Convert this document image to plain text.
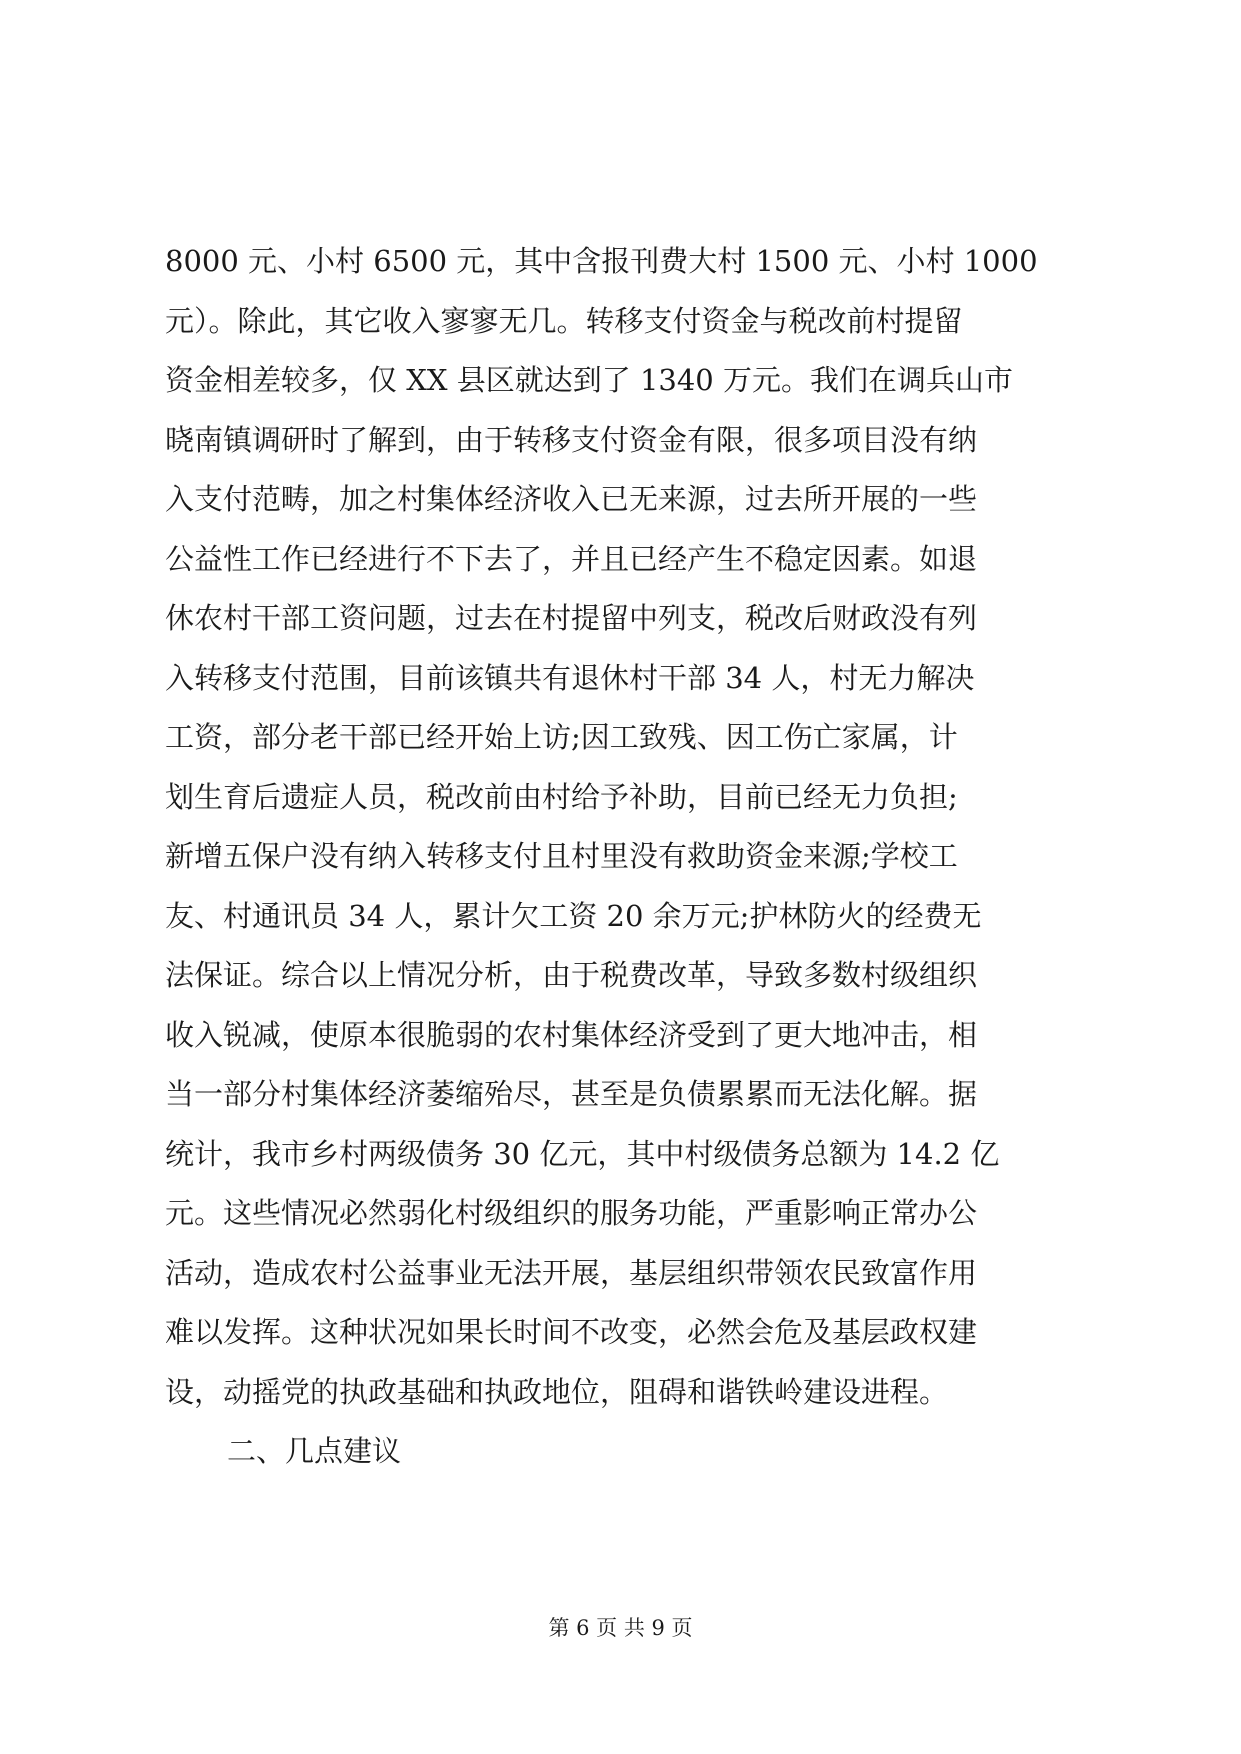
8000 元、小村 6500 元，其中含报刊费大村 1500 元、小村 1000
元）。除此，其它收入寥寥无几。转移支付资金与税改前村提留
资金相差较多，仅 XX 县区就达到了 1340 万元。我们在调兵山市
晓南镇调研时了解到，由于转移支付资金有限，很多项目没有纳
入支付范畴，加之村集体经济收入已无来源，过去所开展的一些
公益性工作已经进行不下去了，并且已经产生不稳定因素。如退
休农村干部工资问题，过去在村提留中列支，税改后财政没有列
入转移支付范围，目前该镇共有退休村干部 34 人，村无力解决
工资，部分老干部已经开始上访;因工致残、因工伤亡家属，计
划生育后遗症人员，税改前由村给予补助，目前已经无力负担;
新增五保户没有纳入转移支付且村里没有救助资金来源;学校工
友、村通讯员 34 人，累计欠工资 20 余万元;护林防火的经费无
法保证。综合以上情况分析，由于税费改革，导致多数村级组织
收入锐减，使原本很脆弱的农村集体经济受到了更大地冲击，相
当一部分村集体经济萎缩殆尽，甚至是负债累累而无法化解。据
统计，我市乡村两级债务 30 亿元，其中村级债务总额为 14.2 亿
元。这些情况必然弱化村级组织的服务功能，严重影响正常办公
活动，造成农村公益事业无法开展，基层组织带领农民致富作用
难以发挥。这种状况如果长时间不改变，必然会危及基层政权建
设，动摇党的执政基础和执政地位，阻碍和谐铁岭建设进程。
二、几点建议
第 6 页 共 9 页
